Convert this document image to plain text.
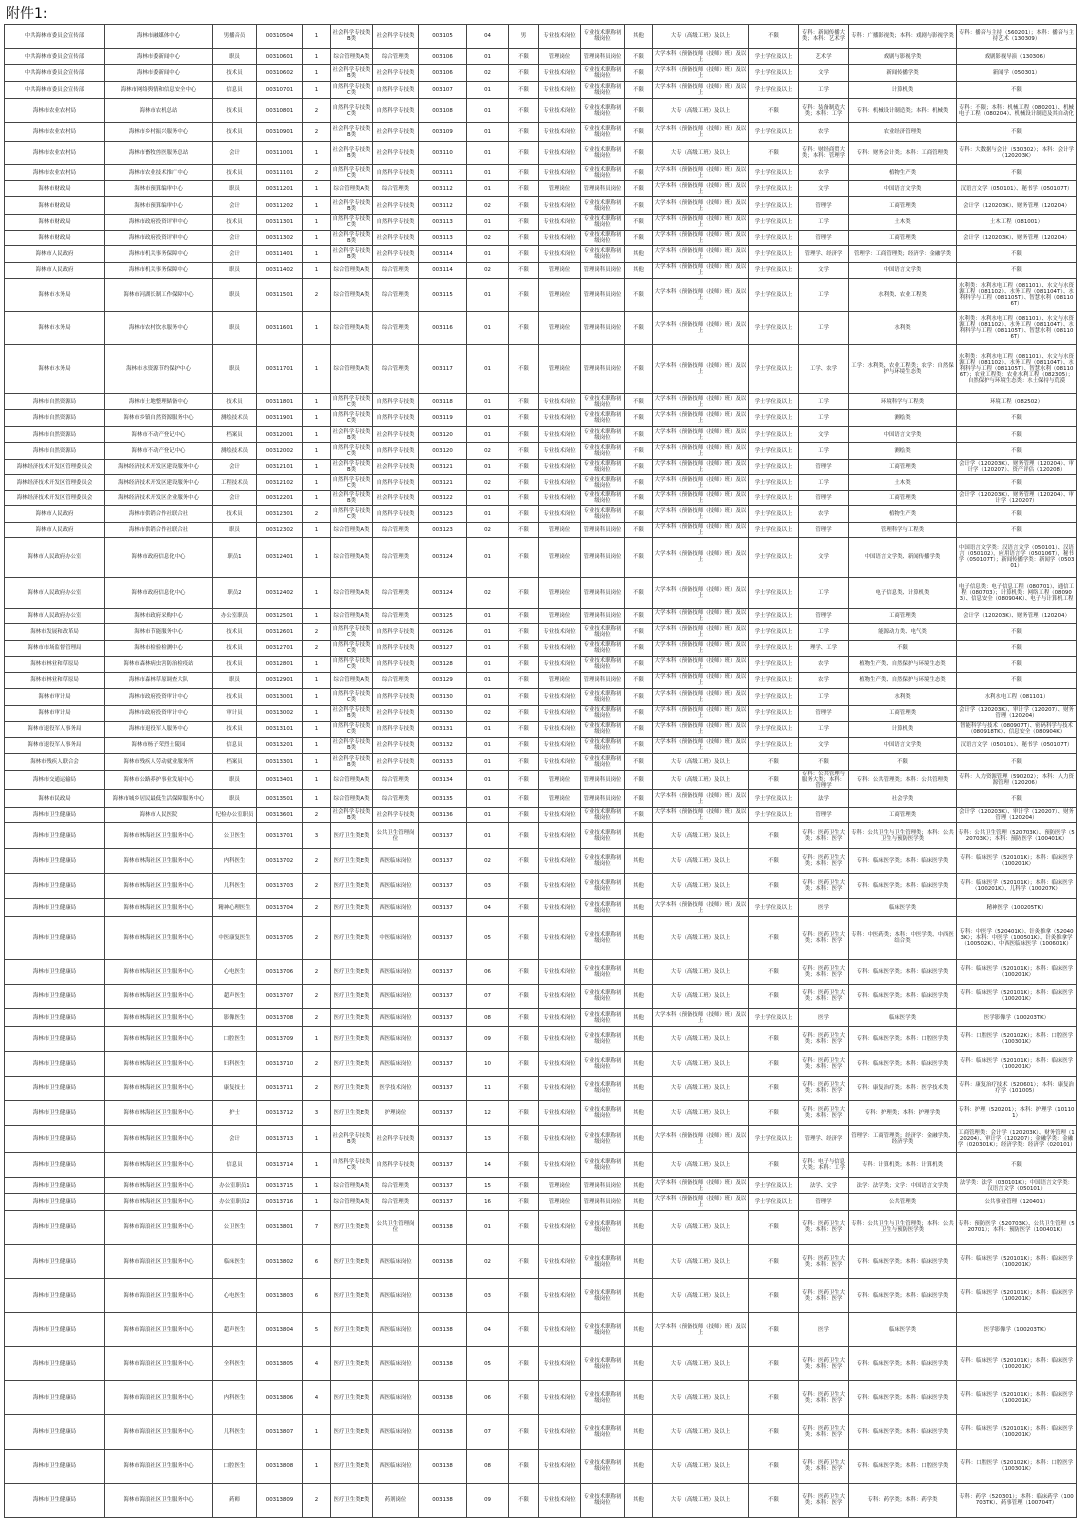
附件1:
中共海林市委员会宣传部	海林市融媒体中心	男播音员	00310504	1	社会科学专技类B类	社会科学专技类	003105	04	男	专业技术岗位	专业技术职称初级岗位	其他	大专（高级工班）及以上	不限	专科：新闻传播大类；本科：艺术学	专科：广播影视类；本科：戏剧与影视学类	专科：播音与主持（560201）；本科：播音与主持艺术（130309）
中共海林市委员会宣传部	海林市委新闻中心	职员	00310601	1	综合管理类A类	综合管理类	003106	01	不限	管理岗位	管理岗科员岗位	不限	大学本科（预备技师（技师）班）及以上	学士学位及以上	艺术学	戏剧与影视学类	戏剧影视导演（130306）
中共海林市委员会宣传部	海林市委新闻中心	技术员	00310602	1	社会科学专技类B类	社会科学专技类	003106	02	不限	专业技术岗位	专业技术职称初级岗位	不限	大学本科（预备技师（技师）班）及以上	学士学位及以上	文学	新闻传播学类	新闻学（050301）
中共海林市委员会宣传部	海林市网络舆情和信息安全中心	信息员	00310701	1	自然科学专技类C类	自然科学专技类	003107	01	不限	专业技术岗位	专业技术职称初级岗位	不限	大学本科（预备技师（技师）班）及以上	学士学位及以上	工学	计算机类	不限
海林市农业农村局	海林市农机总站	技术员	00310801	2	自然科学专技类C类	自然科学专技类	003108	01	不限	专业技术岗位	专业技术职称初级岗位	不限	大专（高级工班）及以上	不限	专科：装备制造大类；本科：工学	专科：机械设计制造类；本科：机械类	专科：不限；本科：机械工程（080201）、机械电子工程（080204）、机械设计制造及其自动化
海林市农业农村局	海林市乡村振兴服务中心	技术员	00310901	2	社会科学专技类B类	社会科学专技类	003109	01	不限	专业技术岗位	专业技术职称初级岗位	不限	大学本科（预备技师（技师）班）及以上	学士学位及以上	农学	农业经济管理类	不限
海林市农业农村局	海林市畜牧兽医服务总站	会计	00311001	1	社会科学专技类B类	社会科学专技类	003110	01	不限	专业技术岗位	专业技术职称初级岗位	不限	大专（高级工班）及以上	不限	专科：财经商贸大类；本科：管理学	专科：财务会计类；本科：工商管理类	专科：大数据与会计（530302）；本科：会计学（120203K）
海林市农业农村局	海林市农业技术推广中心	技术员	00311101	2	自然科学专技类C类	自然科学专技类	003111	01	不限	专业技术岗位	专业技术职称初级岗位	不限	大学本科（预备技师（技师）班）及以上	学士学位及以上	农学	植物生产类	不限
海林市财政局	海林市预算编审中心	职员	00311201	1	综合管理类A类	综合管理类	003112	01	不限	管理岗位	管理岗科员岗位	不限	大学本科（预备技师（技师）班）及以上	学士学位及以上	文学	中国语言文学类	汉语言文学（050101）、秘书学（050107T）
海林市财政局	海林市预算编审中心	会计	00311202	1	社会科学专技类B类	社会科学专技类	003112	02	不限	专业技术岗位	专业技术职称初级岗位	不限	大学本科（预备技师（技师）班）及以上	学士学位及以上	管理学	工商管理类	会计学（120203K）、财务管理（120204）
海林市财政局	海林市政府投资评审中心	技术员	00311301	1	自然科学专技类C类	自然科学专技类	003113	01	不限	专业技术岗位	专业技术职称初级岗位	不限	大学本科（预备技师（技师）班）及以上	学士学位及以上	工学	土木类	土木工程（081001）
海林市财政局	海林市政府投资评审中心	会计	00311302	1	社会科学专技类B类	社会科学专技类	003113	02	不限	专业技术岗位	专业技术职称初级岗位	不限	大学本科（预备技师（技师）班）及以上	学士学位及以上	管理学	工商管理类	会计学（120203K）、财务管理（120204）
海林市人民政府	海林市机关事务保障中心	会计	00311401	1	社会科学专技类B类	社会科学专技类	003114	01	不限	专业技术岗位	专业技术职称初级岗位	其他	大学本科（预备技师（技师）班）及以上	学士学位及以上	管理学、经济学	管理学：工商管理类；经济学：金融学类	不限
海林市人民政府	海林市机关事务保障中心	职员	00311402	1	综合管理类A类	综合管理类	003114	02	不限	管理岗位	管理岗科员岗位	其他	大学本科（预备技师（技师）班）及以上	学士学位及以上	文学	中国语言文学类	不限
海林市水务局	海林市河湖长制工作保障中心	职员	00311501	2	综合管理类A类	综合管理类	003115	01	不限	管理岗位	管理岗科员岗位	不限	大学本科（预备技师（技师）班）及以上	学士学位及以上	工学	水利类、农业工程类	水利类：水利水电工程（081101）、水文与水资源工程（081102）、水务工程（081104T）、水利科学与工程（081105T）、智慧水利（081106T）
海林市水务局	海林市农村饮水服务中心	职员	00311601	1	综合管理类A类	综合管理类	003116	01	不限	管理岗位	管理岗科员岗位	不限	大学本科（预备技师（技师）班）及以上	学士学位及以上	工学	水利类	水利类：水利水电工程（081101）、水文与水资源工程（081102）、水务工程（081104T）、水利科学与工程（081105T）、智慧水利（081106T）
海林市水务局	海林市水资源节约保护中心	职员	00311701	1	综合管理类A类	综合管理类	003117	01	不限	管理岗位	管理岗科员岗位	不限	大学本科（预备技师（技师）班）及以上	学士学位及以上	工学、农学	工学：水利类、农业工程类；农学：自然保护与环境生态类	水利类：水利水电工程（081101）、水文与水资源工程（081102）、水务工程（081104T）、水利科学与工程（081105T）、智慧水利（081106T）；农业工程类：农业水利工程（082305）；自然保护与环境生态类：水土保持与荒漠
海林市自然资源局	海林市土地整理储备中心	技术员	00311801	1	自然科学专技类C类	自然科学专技类	003118	01	不限	专业技术岗位	专业技术职称初级岗位	不限	大学本科（预备技师（技师）班）及以上	学士学位及以上	工学	环境科学与工程类	环境工程（082502）
海林市自然资源局	海林市乡镇自然资源服务中心	测绘技术员	00311901	1	自然科学专技类C类	自然科学专技类	003119	01	不限	专业技术岗位	专业技术职称初级岗位	不限	大学本科（预备技师（技师）班）及以上	学士学位及以上	工学	测绘类	不限
海林市自然资源局	海林市不动产登记中心	档案员	00312001	1	社会科学专技类B类	社会科学专技类	003120	01	不限	专业技术岗位	专业技术职称初级岗位	不限	大学本科（预备技师（技师）班）及以上	学士学位及以上	文学	中国语言文学类	不限
海林市自然资源局	海林市不动产登记中心	测绘技术员	00312002	1	自然科学专技类C类	自然科学专技类	003120	02	不限	专业技术岗位	专业技术职称初级岗位	不限	大学本科（预备技师（技师）班）及以上	学士学位及以上	工学	测绘类	不限
海林经济技术开发区管理委员会	海林经济技术开发区建设服务中心	会计	00312101	1	社会科学专技类B类	社会科学专技类	003121	01	不限	专业技术岗位	专业技术职称初级岗位	不限	大学本科（预备技师（技师）班）及以上	学士学位及以上	管理学	工商管理类	会计学（120203K）、财务管理（120204）、审计学（120207）、资产评估（120208）
海林经济技术开发区管理委员会	海林经济技术开发区建设服务中心	工程技术员	00312102	1	自然科学专技类C类	自然科学专技类	003121	02	不限	专业技术岗位	专业技术职称初级岗位	不限	大学本科（预备技师（技师）班）及以上	学士学位及以上	工学	土木类	不限
海林经济技术开发区管理委员会	海林经济技术开发区企业服务中心	会计	00312201	1	社会科学专技类B类	社会科学专技类	003122	01	不限	专业技术岗位	专业技术职称初级岗位	不限	大学本科（预备技师（技师）班）及以上	学士学位及以上	管理学	工商管理类	会计学（120203K）、财务管理（120204）、审计学（120207）
海林市人民政府	海林市供销合作社联合社	技术员	00312301	2	自然科学专技类C类	自然科学专技类	003123	01	不限	专业技术岗位	专业技术职称初级岗位	不限	大学本科（预备技师（技师）班）及以上	学士学位及以上	农学	植物生产类	不限
海林市人民政府	海林市供销合作社联合社	职员	00312302	1	综合管理类A类	综合管理类	003123	02	不限	管理岗位	管理岗科员岗位	不限	大学本科（预备技师（技师）班）及以上	学士学位及以上	管理学	管理科学与工程类	不限
海林市人民政府办公室	海林市政府信息化中心	职员1	00312401	1	综合管理类A类	综合管理类	003124	01	不限	管理岗位	管理岗科员岗位	不限	大学本科（预备技师（技师）班）及以上	学士学位及以上	文学	中国语言文学类、新闻传播学类	中国语言文学类：汉语言文学（050101）、汉语言（050102），应用语言学（050106T），秘书学（050107T）；新闻传播学类：新闻学（050301）
海林市人民政府办公室	海林市政府信息化中心	职员2	00312402	1	综合管理类A类	综合管理类	003124	02	不限	管理岗位	管理岗科员岗位	不限	大学本科（预备技师（技师）班）及以上	学士学位及以上	工学	电子信息类、计算机类	电子信息类：电子信息工程（080701）、通信工程（080703）；计算机类：网络工程（080903）、信息安全（080904K）、电子与计算机工程
海林市人民政府办公室	海林市政府采购中心	办公室职员	00312501	1	综合管理类A类	综合管理类	003125	01	不限	管理岗位	管理岗科员岗位	不限	大学本科（预备技师（技师）班）及以上	学士学位及以上	管理学	工商管理类	会计学（120203K）、财务管理（120204）
海林市发展和改革局	海林市节能服务中心	技术员	00312601	2	自然科学专技类C类	自然科学专技类	003126	01	不限	专业技术岗位	专业技术职称初级岗位	不限	大学本科（预备技师（技师）班）及以上	学士学位及以上	工学	能源动力类、电气类	不限
海林市市场监督管理局	海林市检验检测中心	技术员	00312701	2	自然科学专技类C类	自然科学专技类	003127	01	不限	专业技术岗位	专业技术职称初级岗位	不限	大学本科（预备技师（技师）班）及以上	学士学位及以上	理学、工学	不限	不限
海林市林业和草原局	海林市森林病虫害防治检疫站	技术员	00312801	1	自然科学专技类C类	自然科学专技类	003128	01	不限	专业技术岗位	专业技术职称初级岗位	不限	大学本科（预备技师（技师）班）及以上	学士学位及以上	农学	植物生产类、自然保护与环境生态类	不限
海林市林业和草原局	海林市森林草原调查大队	职员	00312901	1	综合管理类A类	综合管理类	003129	01	不限	管理岗位	管理岗科员岗位	不限	大学本科（预备技师（技师）班）及以上	学士学位及以上	农学	植物生产类、自然保护与环境生态类	不限
海林市审计局	海林市政府投资审计中心	技术员	00313001	1	自然科学专技类C类	自然科学专技类	003130	01	不限	专业技术岗位	专业技术职称初级岗位	不限	大学本科（预备技师（技师）班）及以上	学士学位及以上	工学	水利类	水利水电工程（081101）
海林市审计局	海林市政府投资审计中心	审计员	00313002	1	社会科学专技类B类	社会科学专技类	003130	02	不限	专业技术岗位	专业技术职称初级岗位	不限	大学本科（预备技师（技师）班）及以上	学士学位及以上	管理学	工商管理类	会计学（120203K）、审计学（120207）、财务管理（120204）
海林市退役军人事务局	海林市退役军人服务中心	技术员	00313101	1	自然科学专技类C类	自然科学专技类	003131	01	不限	专业技术岗位	专业技术职称初级岗位	不限	大学本科（预备技师（技师）班）及以上	学士学位及以上	工学	计算机类	智能科学与技术（080907T）、密码科学与技术（080918TK）、信息安全（080904K）
海林市退役军人事务局	海林市杨子荣烈士陵园	信息员	00313201	1	社会科学专技类B类	社会科学专技类	003132	01	不限	专业技术岗位	专业技术职称初级岗位	不限	大学本科（预备技师（技师）班）及以上	学士学位及以上	文学	中国语言文学类	汉语言文学（050101）、秘书学（050107T）
海林市残疾人联合会	海林市残疾人劳动就业服务所	档案员	00313301	1	社会科学专技类B类	社会科学专技类	003133	01	不限	专业技术岗位	专业技术职称初级岗位	不限	大专（高级工班）及以上	不限	不限	不限	不限
海林市交通运输局	海林市公路养护事业发展中心	职员	00313401	1	综合管理类A类	综合管理类	003134	01	不限	管理岗位	管理岗科员岗位	不限	大专（高级工班）及以上	不限	专科：公共管理与服务大类；本科：管理学	专科：公共管理类；本科：公共管理类	专科：人力资源管理（590202）；本科：人力资源管理（120206）
海林市民政局	海林市城乡居民最低生活保障服务中心	职员	00313501	1	综合管理类A类	综合管理类	003135	01	不限	管理岗位	管理岗科员岗位	不限	大学本科（预备技师（技师）班）及以上	学士学位及以上	法学	社会学类	不限
海林市卫生健康局	海林市人民医院	纪检办公室职员	00313601	2	社会科学专技类B类	社会科学专技类	003136	01	不限	专业技术岗位	专业技术职称初级岗位	不限	大学本科（预备技师（技师）班）及以上	学士学位及以上	管理学	工商管理类	会计学（120203K）、审计学（120207）、财务管理（120204）
海林市卫生健康局	海林市林海社区卫生服务中心	公卫医生	00313701	3	医疗卫生类E类	公共卫生管理岗位	003137	01	不限	专业技术岗位	专业技术职称初级岗位	其他	大专（高级工班）及以上	不限	专科：医药卫生大类；本科：医学	专科：公共卫生与卫生管理类；本科：公共卫生与预防医学类	专科：公共卫生管理（520703K）、预防医学（520703K）；本科：预防医学（100401K）
海林市卫生健康局	海林市林海社区卫生服务中心	内科医生	00313702	2	医疗卫生类E类	西医临床岗位	003137	02	不限	专业技术岗位	专业技术职称初级岗位	其他	大专（高级工班）及以上	不限	专科：医药卫生大类；本科：医学	专科：临床医学类；本科：临床医学类	专科：临床医学（520101K）；本科：临床医学（100201K）
海林市卫生健康局	海林市林海社区卫生服务中心	儿科医生	00313703	2	医疗卫生类E类	西医临床岗位	003137	03	不限	专业技术岗位	专业技术职称初级岗位	其他	大专（高级工班）及以上	不限	专科：医药卫生大类；本科：医学	专科：临床医学类；本科：临床医学类	专科：临床医学（520101K）；本科：临床医学（100201K）、儿科学（100207K）
海林市卫生健康局	海林市林海社区卫生服务中心	精神心理医生	00313704	2	医疗卫生类E类	西医临床岗位	003137	04	不限	专业技术岗位	专业技术职称初级岗位	其他	大学本科（预备技师（技师）班）及以上	学士学位及以上	医学	临床医学类	精神医学（100205TK）
海林市卫生健康局	海林市林海社区卫生服务中心	中医康复医生	00313705	2	医疗卫生类E类	中医临床岗位	003137	05	不限	专业技术岗位	专业技术职称初级岗位	其他	大专（高级工班）及以上	不限	专科：医药卫生大类；本科：医学	专科：中医药类；本科：中医学类、中西医结合类	专科：中医学（520401K）、针灸推拿（520403K）；本科：中医学（100501K）、针灸推拿学（100502K）、中西医临床医学（100601K）
海林市卫生健康局	海林市林海社区卫生服务中心	心电医生	00313706	2	医疗卫生类E类	西医临床岗位	003137	06	不限	专业技术岗位	专业技术职称初级岗位	其他	大专（高级工班）及以上	不限	专科：医药卫生大类；本科：医学	专科：临床医学类；本科：临床医学类	专科：临床医学（520101K）；本科：临床医学（100201K）
海林市卫生健康局	海林市林海社区卫生服务中心	超声医生	00313707	2	医疗卫生类E类	西医临床岗位	003137	07	不限	专业技术岗位	专业技术职称初级岗位	其他	大专（高级工班）及以上	不限	专科：医药卫生大类；本科：医学	专科：临床医学类；本科：临床医学类	专科：临床医学（520101K）；本科：临床医学（100201K）
海林市卫生健康局	海林市林海社区卫生服务中心	影像医生	00313708	2	医疗卫生类E类	西医临床岗位	003137	08	不限	专业技术岗位	专业技术职称初级岗位	其他	大学本科（预备技师（技师）班）及以上	学士学位及以上	医学	临床医学类	医学影像学（100203TK）
海林市卫生健康局	海林市林海社区卫生服务中心	口腔医生	00313709	1	医疗卫生类E类	西医临床岗位	003137	09	不限	专业技术岗位	专业技术职称初级岗位	其他	大专（高级工班）及以上	不限	专科：医药卫生大类；本科：医学	专科：临床医学类；本科：口腔医学类	专科：口腔医学（520102K）；本科：口腔医学（100301K）
海林市卫生健康局	海林市林海社区卫生服务中心	妇科医生	00313710	2	医疗卫生类E类	西医临床岗位	003137	10	不限	专业技术岗位	专业技术职称初级岗位	其他	大专（高级工班）及以上	不限	专科：医药卫生大类；本科：医学	专科：临床医学类；本科：临床医学类	专科：临床医学（520101K）；本科：临床医学（100201K）
海林市卫生健康局	海林市林海社区卫生服务中心	康复技士	00313711	2	医疗卫生类E类	医学技术岗位	003137	11	不限	专业技术岗位	专业技术职称初级岗位	其他	大专（高级工班）及以上	不限	专科：医药卫生大类；本科：医学	专科：康复治疗类；本科：医学技术类	专科：康复治疗技术（520601）；本科：康复治疗学（101005）
海林市卫生健康局	海林市林海社区卫生服务中心	护士	00313712	3	医疗卫生类E类	护理岗位	003137	12	不限	专业技术岗位	专业技术职称初级岗位	其他	大专（高级工班）及以上	不限	专科：医药卫生大类；本科：医学	专科：护理类；本科：护理学类	专科：护理（520201）；本科：护理学（101101）
海林市卫生健康局	海林市林海社区卫生服务中心	会计	00313713	1	社会科学专技类B类	社会科学专技类	003137	13	不限	专业技术岗位	专业技术职称初级岗位	其他	大学本科（预备技师（技师）班）及以上	学士学位及以上	管理学、经济学	管理学：工商管理类；经济学：金融学类、经济学类	工商管理类：会计学（120203K）、财务管理（120204）、审计学（120207）；金融学类：金融学（020301K）；经济学类：经济学（020101）
海林市卫生健康局	海林市林海社区卫生服务中心	信息员	00313714	1	自然科学专技类C类	自然科学专技类	003137	14	不限	专业技术岗位	专业技术职称初级岗位	其他	大专（高级工班）及以上	不限	专科：电子与信息大类；本科：工学	专科：计算机类；本科：计算机类	不限
海林市卫生健康局	海林市林海社区卫生服务中心	办公室职员1	00313715	1	综合管理类A类	综合管理类	003137	15	不限	管理岗位	管理岗科员岗位	其他	大学本科（预备技师（技师）班）及以上	学士学位及以上	法学、文学	法学：法学类；文学：中国语言文学类	法学类：法学（030101K）；中国语言文学类：汉语言文学（050101）
海林市卫生健康局	海林市林海社区卫生服务中心	办公室职员2	00313716	1	综合管理类A类	综合管理类	003137	16	不限	管理岗位	管理岗科员岗位	其他	大学本科（预备技师（技师）班）及以上	学士学位及以上	管理学	公共管理类	公共事业管理（120401）
海林市卫生健康局	海林市海浪社区卫生服务中心	公卫医生	00313801	7	医疗卫生类E类	公共卫生管理岗位	003138	01	不限	专业技术岗位	专业技术职称初级岗位	其他	大专（高级工班）及以上	不限	专科：医药卫生大类；本科：医学	专科：公共卫生与卫生管理类；本科：公共卫生与预防医学类	专科：预防医学（520703K）、公共卫生管理（520701）；本科：预防医学（100401K）
海林市卫生健康局	海林市海浪社区卫生服务中心	临床医生	00313802	6	医疗卫生类E类	西医临床岗位	003138	02	不限	专业技术岗位	专业技术职称初级岗位	其他	大专（高级工班）及以上	不限	专科：医药卫生大类；本科：医学	专科：临床医学类；本科：临床医学类	专科：临床医学（520101K）；本科：临床医学（100201K）
海林市卫生健康局	海林市海浪社区卫生服务中心	心电医生	00313803	6	医疗卫生类E类	西医临床岗位	003138	03	不限	专业技术岗位	专业技术职称初级岗位	其他	大专（高级工班）及以上	不限	专科：医药卫生大类；本科：医学	专科：临床医学类；本科：临床医学类	专科：临床医学（520101K）；本科：临床医学（100201K）
海林市卫生健康局	海林市海浪社区卫生服务中心	超声医生	00313804	5	医疗卫生类E类	西医临床岗位	003138	04	不限	专业技术岗位	专业技术职称初级岗位	其他	大学本科（预备技师（技师）班）及以上	不限	医学	临床医学类	医学影像学（100203TK）
海林市卫生健康局	海林市海浪社区卫生服务中心	全科医生	00313805	4	医疗卫生类E类	西医临床岗位	003138	05	不限	专业技术岗位	专业技术职称初级岗位	其他	大专（高级工班）及以上	不限	专科：医药卫生大类；本科：医学	专科：临床医学类；本科：临床医学类	专科：临床医学（520101K）；本科：临床医学（100201K）
海林市卫生健康局	海林市海浪社区卫生服务中心	内科医生	00313806	4	医疗卫生类E类	西医临床岗位	003138	06	不限	专业技术岗位	专业技术职称初级岗位	其他	大专（高级工班）及以上	不限	专科：医药卫生大类；本科：医学	专科：临床医学类；本科：临床医学类	专科：临床医学（520101K）；本科：临床医学（100201K）
海林市卫生健康局	海林市海浪社区卫生服务中心	儿科医生	00313807	1	医疗卫生类E类	西医临床岗位	003138	07	不限	专业技术岗位	专业技术职称初级岗位	其他	大专（高级工班）及以上	不限	专科：医药卫生大类；本科：医学	专科：临床医学类；本科：临床医学类	专科：临床医学（520101K）；本科：临床医学（100201K）
海林市卫生健康局	海林市海浪社区卫生服务中心	口腔医生	00313808	1	医疗卫生类E类	西医临床岗位	003138	08	不限	专业技术岗位	专业技术职称初级岗位	其他	大专（高级工班）及以上	不限	专科：医药卫生大类；本科：医学	专科：临床医学类；本科：口腔医学类	专科：口腔医学（520102K）；本科：口腔医学（100301K）
海林市卫生健康局	海林市海浪社区卫生服务中心	药师	00313809	2	医疗卫生类E类	药剂岗位	003138	09	不限	专业技术岗位	专业技术职称初级岗位	其他	大专（高级工班）及以上	不限	专科：医药卫生大类；本科：医学	专科：药学类；本科：药学类	专科：药学（520301）；本科：临床药学（100703TK）、药事管理（100704T）
